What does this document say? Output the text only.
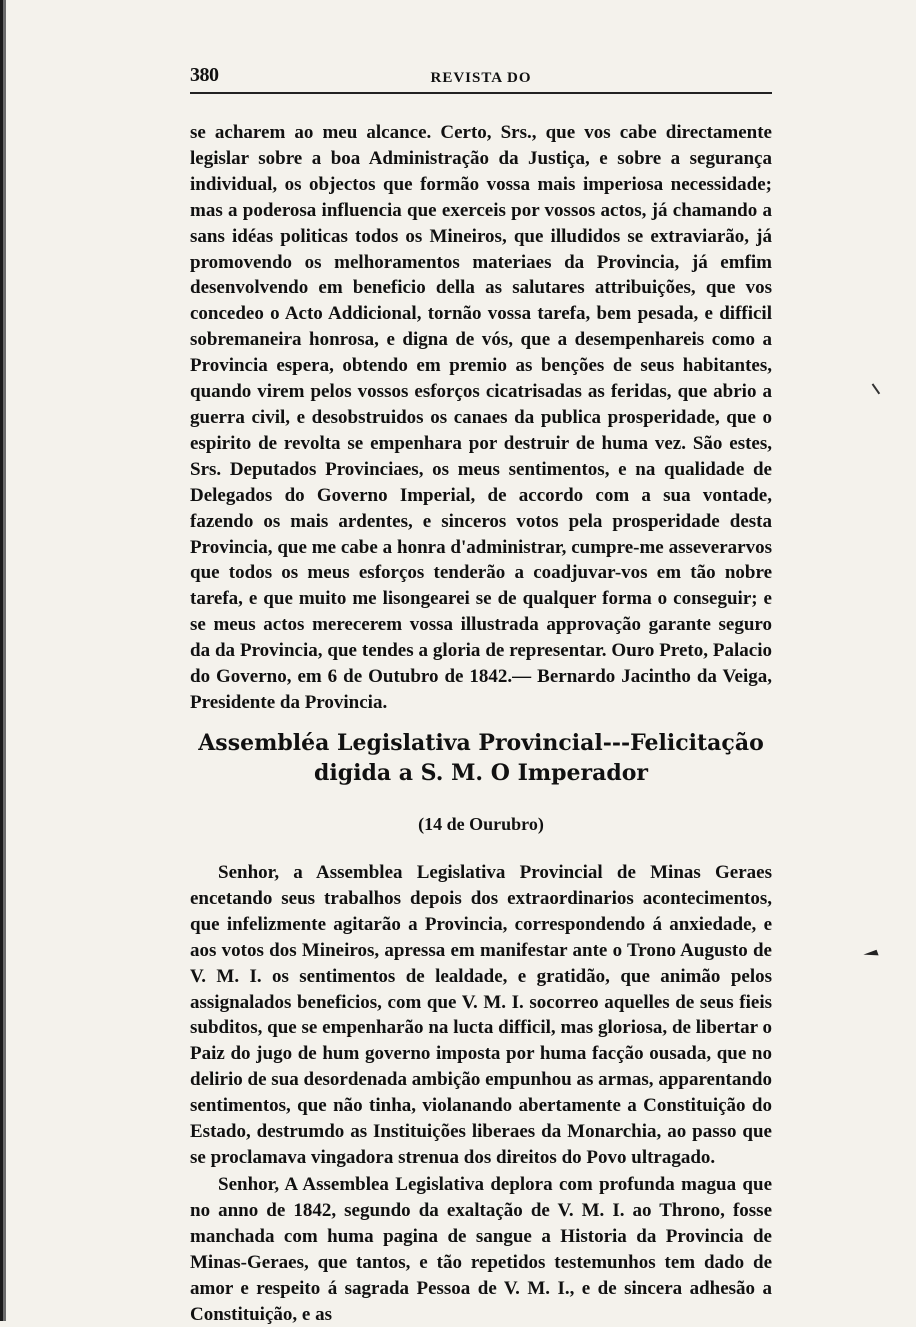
380	REVISTA DO

se acharem ao meu alcance. Certo, Srs., que vos cabe directamente legislar sobre a boa Administração da Justiça, e sobre a segurança individual, os objectos que formão vossa mais imperiosa necessidade; mas a poderosa influencia que exerceis por vossos actos, já chamando a sans idéas politicas todos os Mineiros, que illudidos se extraviarão, já promovendo os melhoramentos materiaes da Provincia, já emfim desenvolvendo em beneficio della as salutares attribuições, que vos concedeo o Acto Addicional, tornão vossa tarefa, bem pesada, e difficil sobremaneira honrosa, e digna de vós, que a desempenhareis como a Provincia espera, obtendo em premio as benções de seus habitantes, quando virem pelos vossos esforços cicatrisadas as feridas, que abrio a guerra civil, e desobstruidos os canaes da publica prosperidade, que o espirito de revolta se empenhara por destruir de huma vez. São estes, Srs. Deputados Provinciaes, os meus sentimentos, e na qualidade de Delegados do Governo Imperial, de accordo com a sua vontade, fazendo os mais ardentes, e sinceros votos pela prosperidade desta Provincia, que me cabe a honra d'administrar, cumpre-me asseverarvos que todos os meus esforços tenderão a coadjuvar-vos em tão nobre tarefa, e que muito me lisongearei se de qualquer forma o conseguir; e se meus actos merecerem vossa illustrada approvação garante seguro da da Provincia, que tendes a gloria de representar. Ouro Preto, Palacio do Governo, em 6 de Outubro de 1842.— Bernardo Jacintho da Veiga, Presidente da Provincia.

Assembléa Legislativa Provincial---Felicitação digida a S. M. O Imperador
(14 de Ourubro)

Senhor, a Assemblea Legislativa Provincial de Minas Geraes encetando seus trabalhos depois dos extraordinarios acontecimentos, que infelizmente agitarão a Provincia, correspondendo á anxiedade, e aos votos dos Mineiros, apressa em manifestar ante o Trono Augusto de V. M. I. os sentimentos de lealdade, e gratidão, que animão pelos assignalados beneficios, com que V. M. I. socorreo aquelles de seus fieis subditos, que se empenharão na lucta difficil, mas gloriosa, de libertar o Paiz do jugo de hum governo imposta por huma facção ousada, que no delirio de sua desordenada ambição empunhou as armas, apparentando sentimentos, que não tinha, violanando abertamente a Constituição do Estado, destrumdo as Instituições liberaes da Monarchia, ao passo que se proclamava vingadora strenua dos direitos do Povo ultragado.

Senhor, A Assemblea Legislativa deplora com profunda magua que no anno de 1842, segundo da exaltação de V. M. I. ao Throno, fosse manchada com huma pagina de sangue a Historia da Provincia de Minas-Geraes, que tantos, e tão repetidos testemunhos tem dado de amor e respeito á sagrada Pessoa de V. M. I., e de sincera adhesão a Constituição, e as
